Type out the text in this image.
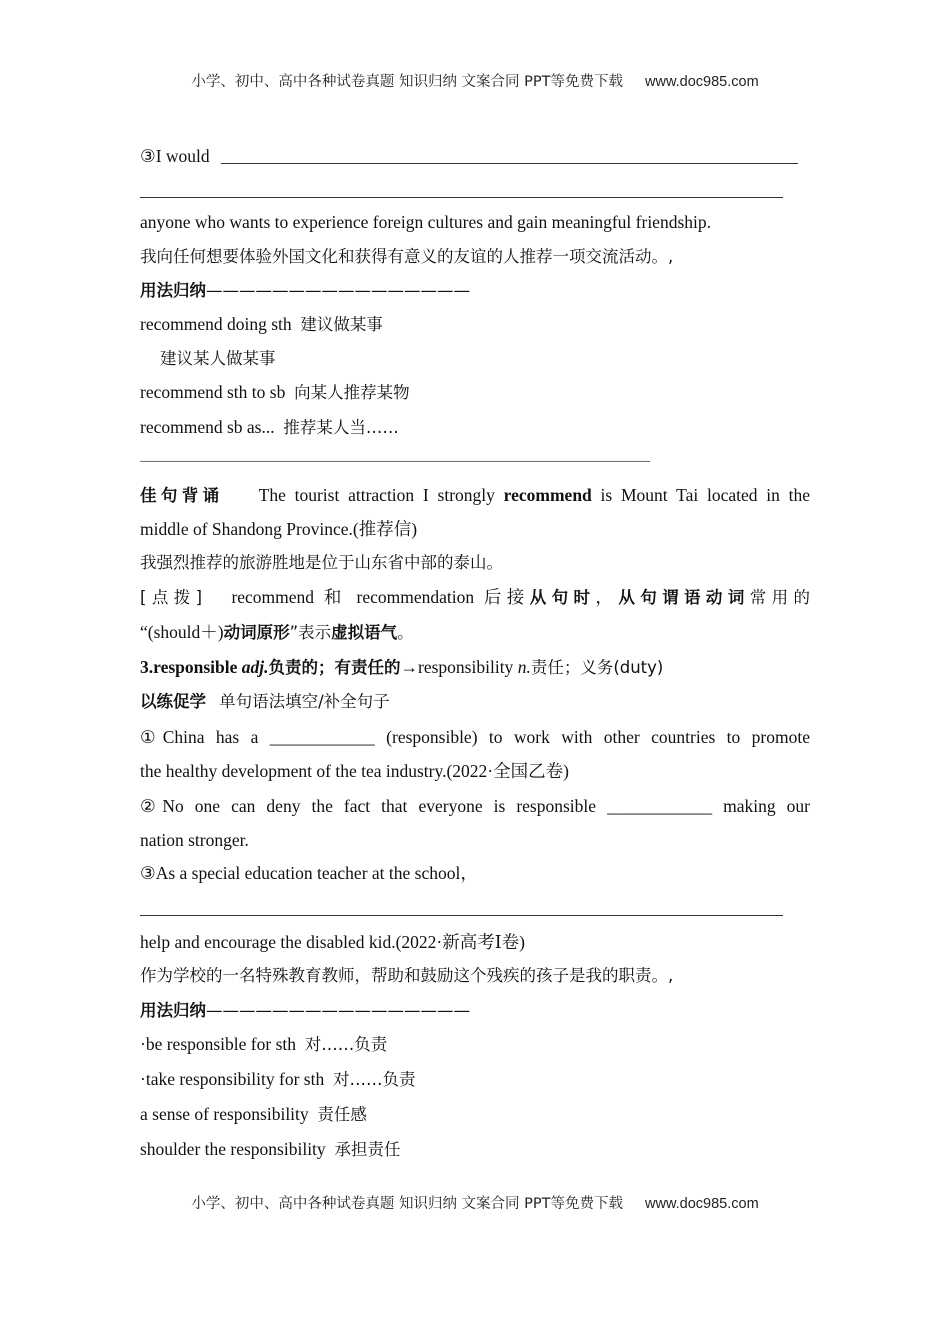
小学、初中、高中各种试卷真题 知识归纳 文案合同 PPT等免费下载 www.doc985.com
③I would
anyone who wants to experience foreign cultures and gain meaningful friendship.
我向任何想要体验外国文化和获得有意义的友谊的人推荐一项交流活动。,
用法归纳————————————————
recommend doing sth 建议做某事
建议某人做某事
recommend sth to sb 向某人推荐某物
recommend sb as... 推荐某人当……
——————————————————————————————————
佳句背诵 The tourist attraction I strongly recommend is Mount Tai located in the
middle of Shandong Province.(推荐信)
我强烈推荐的旅游胜地是位于山东省中部的泰山。
[点拨] recommend 和 recommendation 后接从句时，从句谓语动词常用的
“(should＋)动词原形”表示虚拟语气。
3.responsible adj.负责的；有责任的→responsibility n.责任；义务(duty)
以练促学 单句语法填空/补全句子
①China has a ____________ (responsible) to work with other countries to promote
the healthy development of the tea industry.(2022·全国乙卷)
②No one can deny the fact that everyone is responsible ____________ making our
nation stronger.
③As a special education teacher at the school，
help and encourage the disabled kid.(2022·新高考Ⅰ卷)
作为学校的一名特殊教育教师，帮助和鼓励这个残疾的孩子是我的职责。,
用法归纳————————————————
·be responsible for sth 对……负责
·take responsibility for sth 对……负责
a sense of responsibility 责任感
shoulder the responsibility 承担责任
小学、初中、高中各种试卷真题 知识归纳 文案合同 PPT等免费下载 www.doc985.com
